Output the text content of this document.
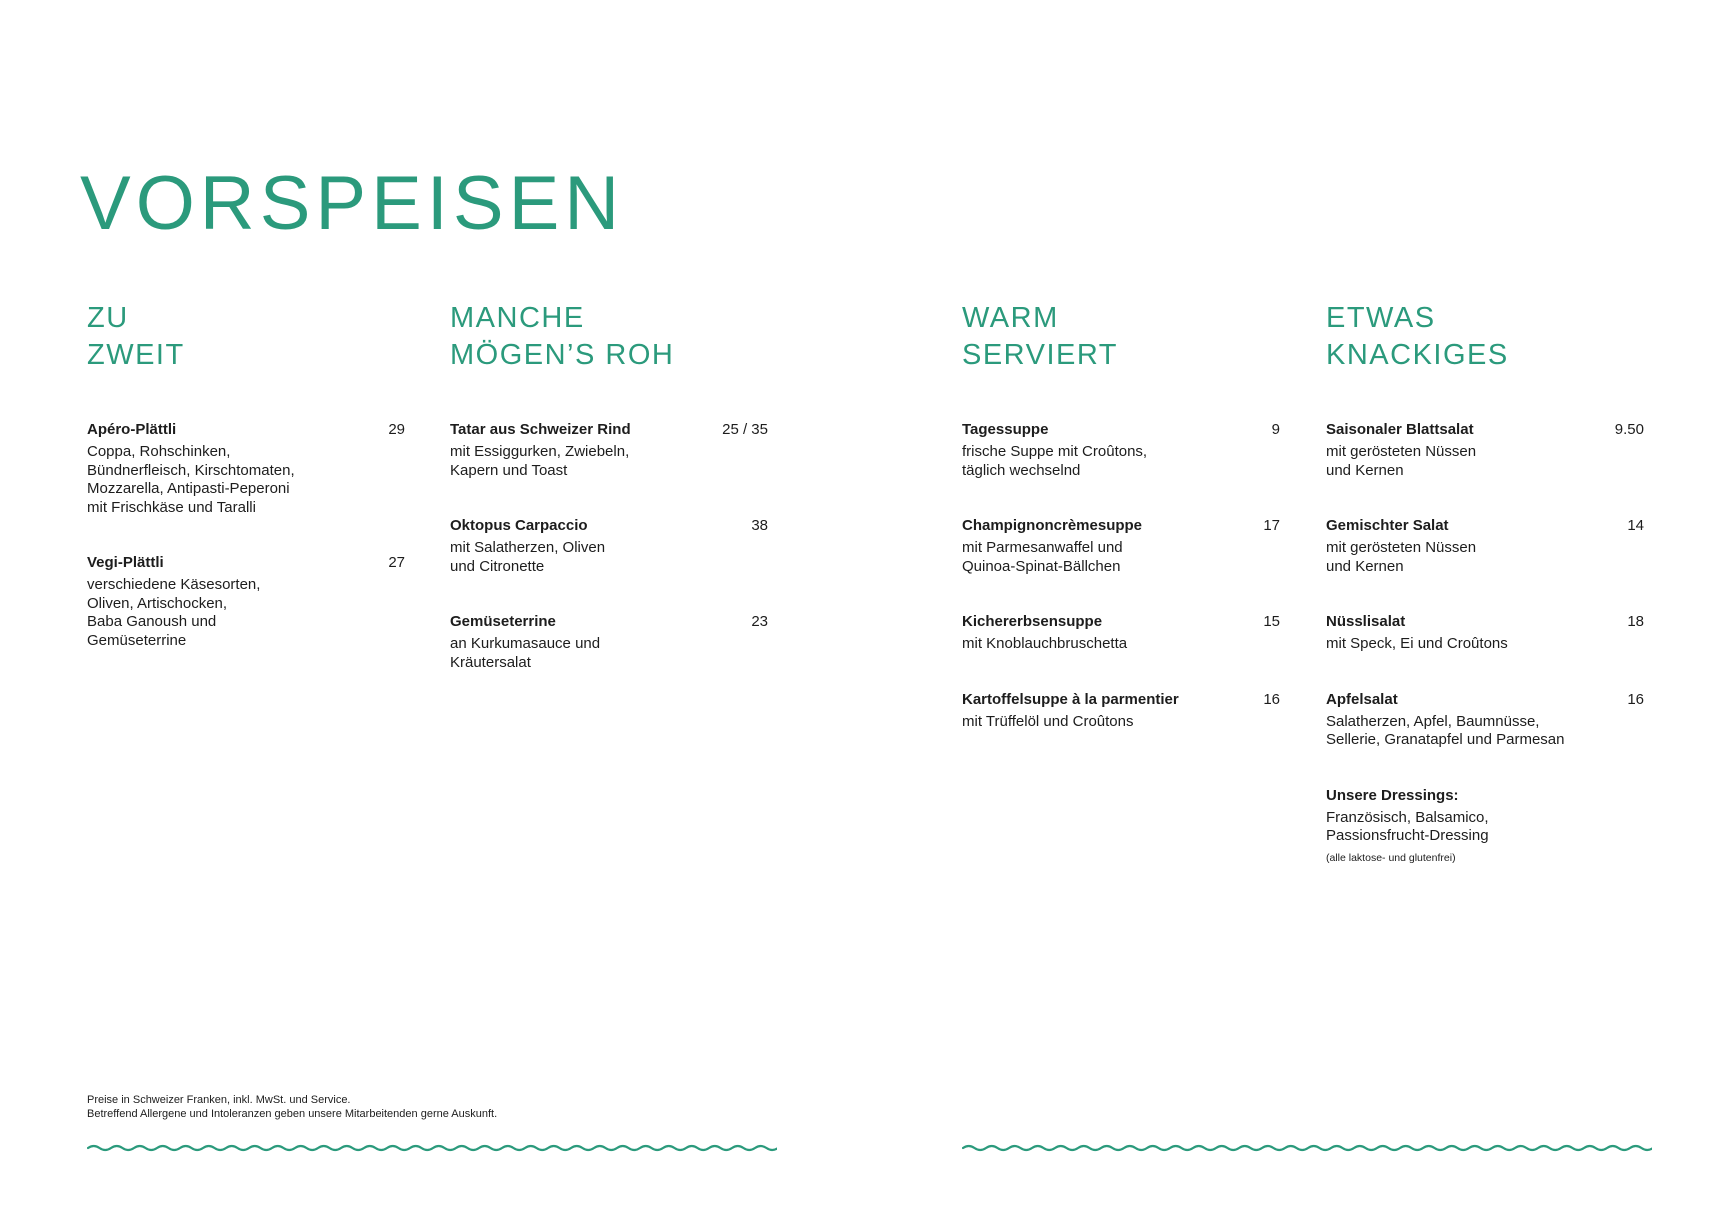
VORSPEISEN
ZU
ZWEIT
Apéro-Plättli	29
Coppa, Rohschinken,
Bündnerfleisch, Kirschtomaten,
Mozzarella, Antipasti-Peperoni
mit Frischkäse und Taralli
Vegi-Plättli	27
verschiedene Käsesorten,
Oliven, Artischocken,
Baba Ganoush und
Gemüseterrine
MANCHE
MÖGEN’S ROH
Tatar aus Schweizer Rind	25 / 35
mit Essiggurken, Zwiebeln,
Kapern und Toast
Oktopus Carpaccio	38
mit Salatherzen, Oliven
und Citronette
Gemüseterrine	23
an Kurkumasauce und
Kräutersalat
WARM
SERVIERT
Tagessuppe	9
frische Suppe mit Croûtons,
täglich wechselnd
Champignoncrèmesuppe	17
mit Parmesanwaffel und
Quinoa-Spinat-Bällchen
Kichererbsensuppe	15
mit Knoblauchbruschetta
Kartoffelsuppe à la parmentier	16
mit Trüffelöl und Croûtons
ETWAS
KNACKIGES
Saisonaler Blattsalat	9.50
mit gerösteten Nüssen
und Kernen
Gemischter Salat	14
mit gerösteten Nüssen
und Kernen
Nüsslisalat	18
mit Speck, Ei und Croûtons
Apfelsalat	16
Salatherzen, Apfel, Baumnüsse,
Sellerie, Granatapfel und Parmesan
Unsere Dressings:
Französisch, Balsamico,
Passionsfrucht-Dressing
(alle laktose- und glutenfrei)
Preise in Schweizer Franken, inkl. MwSt. und Service.
Betreffend Allergene und Intoleranzen geben unsere Mitarbeitenden gerne Auskunft.
